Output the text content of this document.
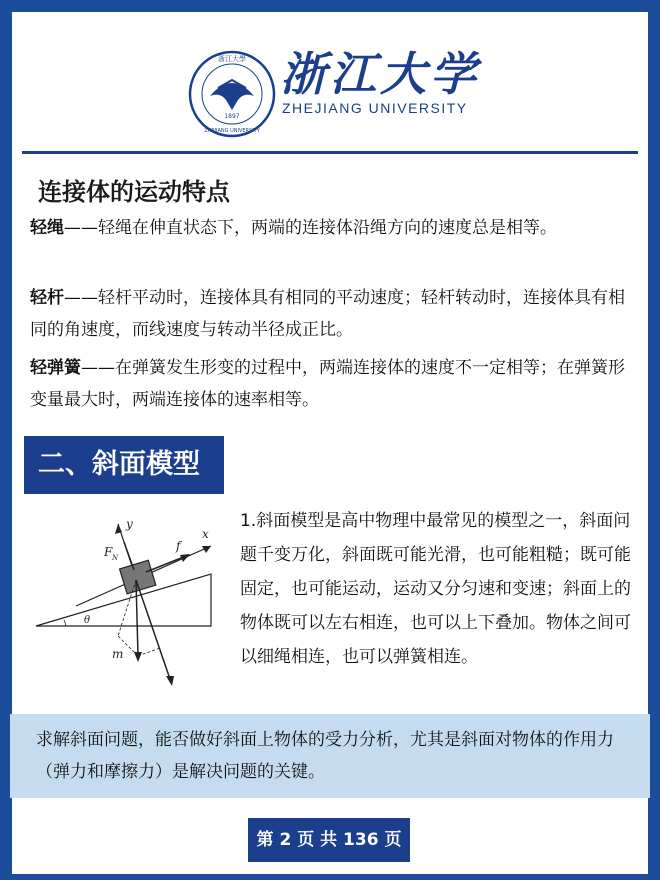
1897
浙江大學
ZHEJIANG UNIVERSITY
浙江大学
ZHEJIANG UNIVERSITY
连接体的运动特点
轻绳——轻绳在伸直状态下，两端的连接体沿绳方向的速度总是相等。
轻杆——轻杆平动时，连接体具有相同的平动速度；轻杆转动时，连接体具有相同的角速度，而线速度与转动半径成正比。
轻弹簧——在弹簧发生形变的过程中，两端连接体的速度不一定相等；在弹簧形变量最大时，两端连接体的速率相等。
二、斜面模型
y
x
F N
f
θ
m
1.斜面模型是高中物理中最常见的模型之一，斜面问题千变万化，斜面既可能光滑，也可能粗糙；既可能固定，也可能运动，运动又分匀速和变速；斜面上的物体既可以左右相连，也可以上下叠加。物体之间可以细绳相连，也可以弹簧相连。
求解斜面问题，能否做好斜面上物体的受力分析，尤其是斜面对物体的作用力（弹力和摩擦力）是解决问题的关键。
第 2 页 共 136 页
